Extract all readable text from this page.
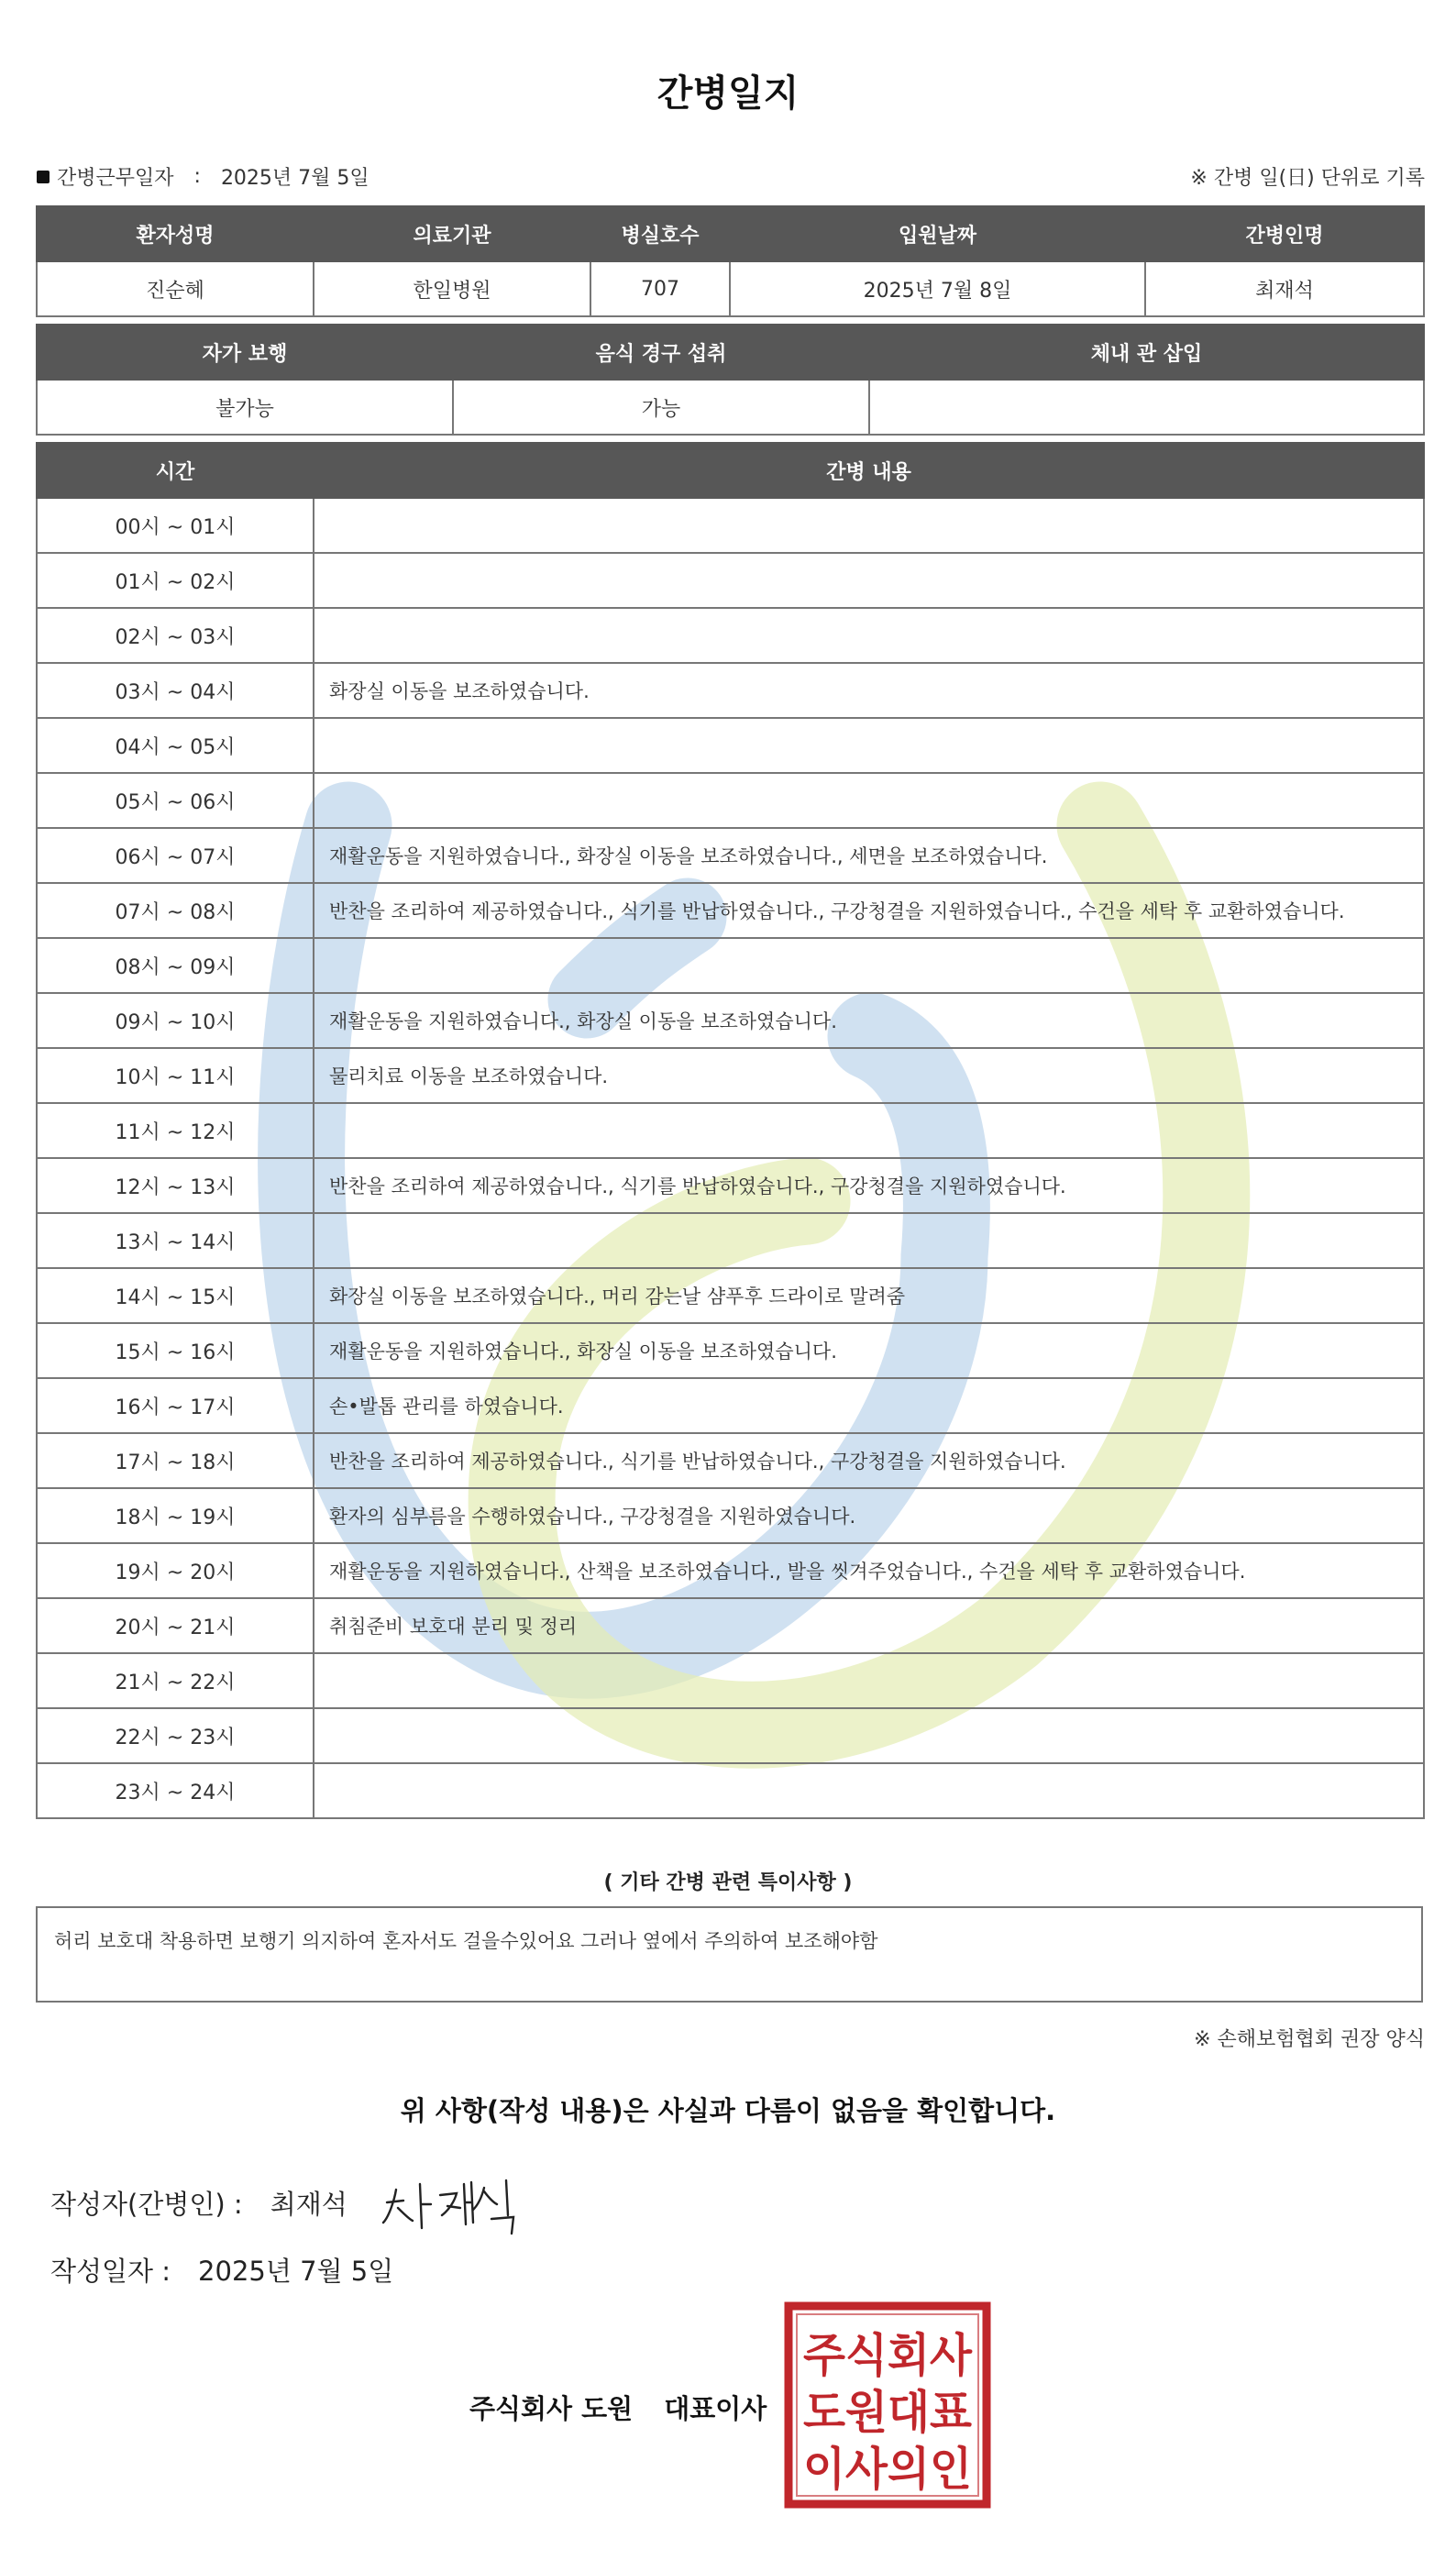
간병일지
간병근무일자 : 2025년 7월 5일	※ 간병 일(日) 단위로 기록
환자성명	의료기관	병실호수	입원날짜	간병인명
진순혜	한일병원	707	2025년 7월 8일	최재석
자가 보행	음식 경구 섭취	체내 관 삽입
불가능	가능	
시간	간병 내용
00시 ~ 01시	
01시 ~ 02시	
02시 ~ 03시	
03시 ~ 04시	화장실 이동을 보조하였습니다.
04시 ~ 05시	
05시 ~ 06시	
06시 ~ 07시	재활운동을 지원하였습니다., 화장실 이동을 보조하였습니다., 세면을 보조하였습니다.
07시 ~ 08시	반찬을 조리하여 제공하였습니다., 식기를 반납하였습니다., 구강청결을 지원하였습니다., 수건을 세탁 후 교환하였습니다.
08시 ~ 09시	
09시 ~ 10시	재활운동을 지원하였습니다., 화장실 이동을 보조하였습니다.
10시 ~ 11시	물리치료 이동을 보조하였습니다.
11시 ~ 12시	
12시 ~ 13시	반찬을 조리하여 제공하였습니다., 식기를 반납하였습니다., 구강청결을 지원하였습니다.
13시 ~ 14시	
14시 ~ 15시	화장실 이동을 보조하였습니다., 머리 감는날 샴푸후 드라이로 말려줌
15시 ~ 16시	재활운동을 지원하였습니다., 화장실 이동을 보조하였습니다.
16시 ~ 17시	손•발톱 관리를 하였습니다.
17시 ~ 18시	반찬을 조리하여 제공하였습니다., 식기를 반납하였습니다., 구강청결을 지원하였습니다.
18시 ~ 19시	환자의 심부름을 수행하였습니다., 구강청결을 지원하였습니다.
19시 ~ 20시	재활운동을 지원하였습니다., 산책을 보조하였습니다., 발을 씻겨주었습니다., 수건을 세탁 후 교환하였습니다.
20시 ~ 21시	취침준비 보호대 분리 및 정리
21시 ~ 22시	
22시 ~ 23시	
23시 ~ 24시	
( 기타 간병 관련 특이사항 )
허리 보호대 착용하면 보행기 의지하여 혼자서도 걸을수있어요 그러나 옆에서 주의하여 보조해야함
※ 손해보험협회 권장 양식
위 사항(작성 내용)은 사실과 다름이 없음을 확인합니다.
작성자(간병인) : 최재석
작성일자 : 2025년 7월 5일
주식회사 도원 대표이사
주식회사
도원대표
이사의인
